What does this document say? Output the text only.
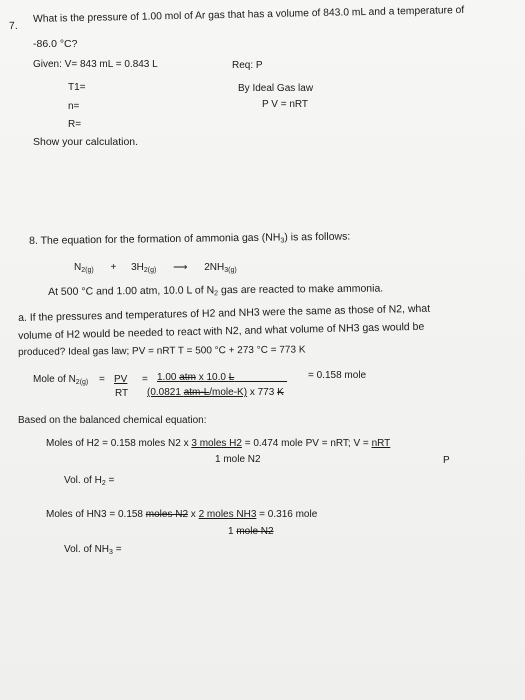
7.
What is the pressure of 1.00 mol of Ar gas that has a volume of 843.0 mL and a temperature of
-86.0 °C?
Given: V= 843 mL = 0.843 L	Req: P
T1=	By Ideal Gas law
n=	P V = nRT
R=
Show your calculation.
8. The equation for the formation of ammonia gas $(NH_3)$ is as follows:
$N_{2(g)} + 3H_{2(g)}$ ⟶ $2NH_{3(g)}$
At 500 °C and 1.00 atm, 10.0 L of $N_2$ gas are reacted to make ammonia.
a. If the pressures and temperatures of H2 and NH3 were the same as those of N2, what
volume of H2 would be needed to react with N2, and what volume of NH3 gas would be
produced? Ideal gas law; PV = nRT T = 500 °C + 273 °C = 773 K
Mole of $N_{2(g)}$ = PV =
RT
1.00 atm x 10.0 L	= 0.158 mole
(0.0821 atm-L/mole-K) x 773 K
Based on the balanced chemical equation:
Moles of H2 = 0.158 moles N2 x 3 moles H2 = 0.474 mole PV = nRT; V = nRT
1 mole N2	P
Vol. of $H_2$ =
Moles of HN3 = 0.158 moles N2 x 2 moles NH3 = 0.316 mole
1 mole N2
Vol. of $NH_3$ =
